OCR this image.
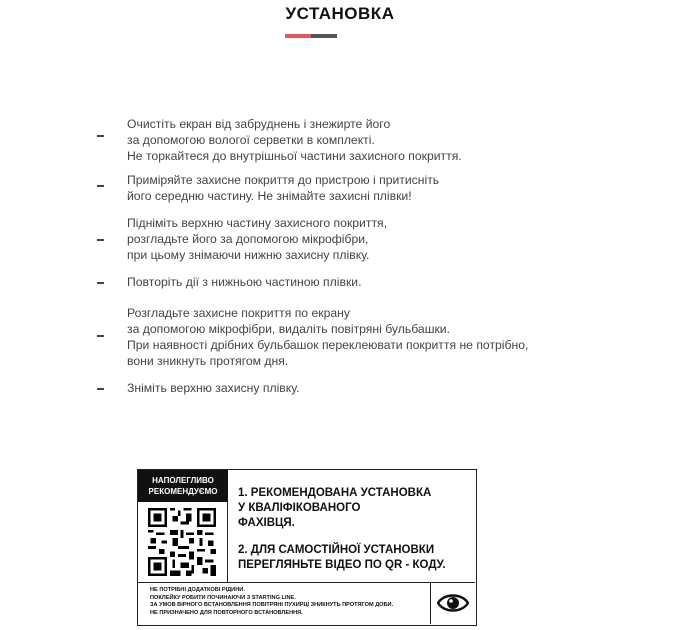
УСТАНОВКА
Очистіть екран від забруднень і знежирте його
за допомогою вологої серветки в комплекті.
Не торкайтеся до внутрішньої частини захисного покриття.
Приміряйте захисне покриття до пристрою і притисніть
його середню частину. Не знімайте захисні плівки!
Підніміть верхню частину захисного покриття,
розгладьте його за допомогою мікрофібри,
при цьому знімаючи нижню захисну плівку.
Повторіть дії з нижньою частиною плівки.
Розгладьте захисне покриття по екрану
за допомогою мікрофібри, видаліть повітряні бульбашки.
При наявності дрібних бульбашок переклеювати покриття не потрібно,
вони зникнуть протягом дня.
Зніміть верхню захисну плівку.
НАПОЛЕГЛИВО
РЕКОМЕНДУЄМО	1. РЕКОМЕНДОВАНА УСТАНОВКА
У КВАЛІФІКОВАНОГО
ФАХІВЦЯ.
2. ДЛЯ САМОСТІЙНОЇ УСТАНОВКИ
ПЕРЕГЛЯНЬТЕ ВІДЕО ПО QR - КОДУ.
НЕ ПОТРІБНІ ДОДАТКОВІ РІДИНИ.
ПОКЛЕЙКУ РОБИТИ ПОЧИНАЮЧИ З STARTING LINE.
ЗА УМОВ ВІРНОГО ВСТАНОВЛЕННЯ ПОВІТРЯНІ ПУХИРЦІ ЗНИКНУТЬ ПРОТЯГОМ ДОБИ.
НЕ ПРИЗНАЧЕНО ДЛЯ ПОВТОРНОГО ВСТАНОВЛЕННЯ.
